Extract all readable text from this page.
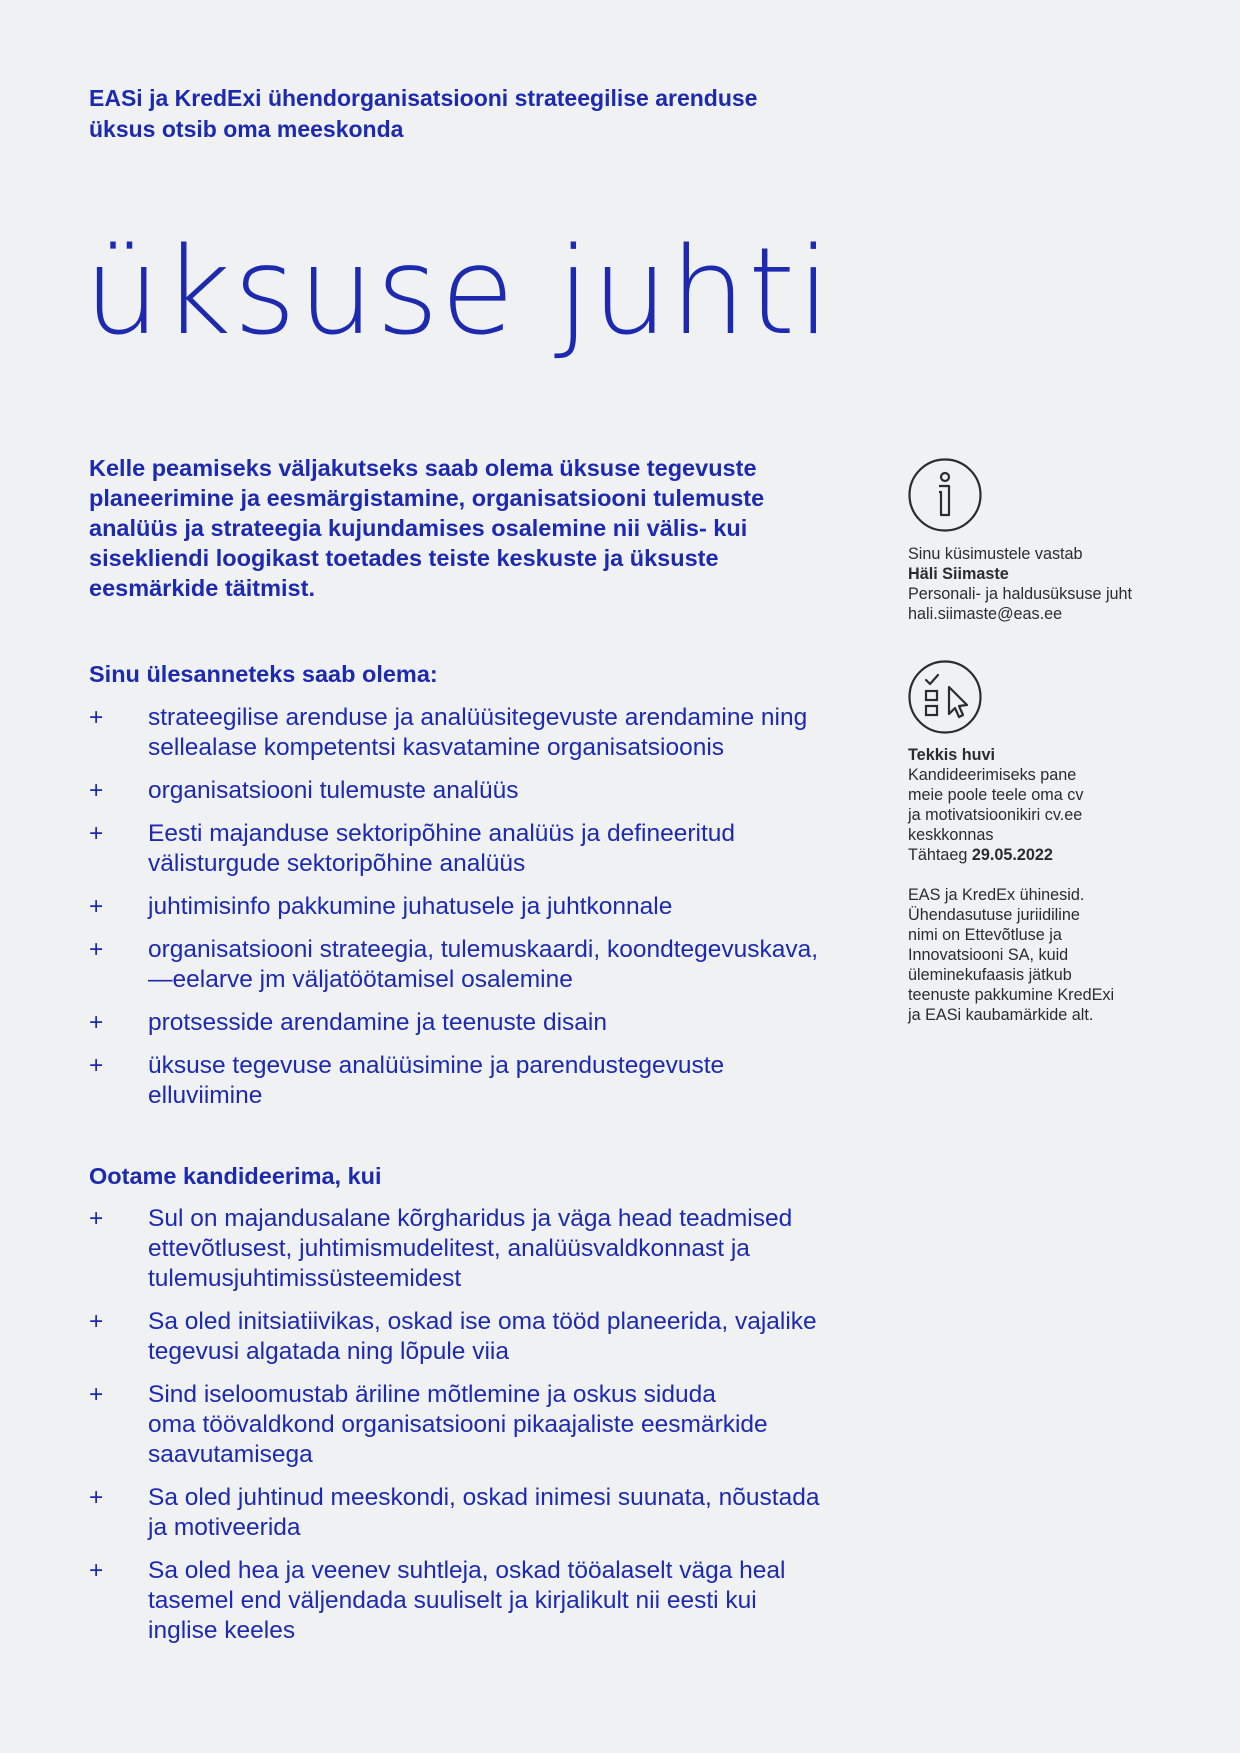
EASi ja KredExi ühendorganisatsiooni strateegilise arenduse
üksus otsib oma meeskonda

üksuse juhti

Kelle peamiseks väljakutseks saab olema üksuse tegevuste
planeerimine ja eesmärgistamine, organisatsiooni tulemuste
analüüs ja strateegia kujundamises osalemine nii välis- kui
sisekliendi loogikast toetades teiste keskuste ja üksuste
eesmärkide täitmist.

Sinu ülesanneteks saab olema:
+ strateegilise arenduse ja analüüsitegevuste arendamine ning
sellealase kompetentsi kasvatamine organisatsioonis
+ organisatsiooni tulemuste analüüs
+ Eesti majanduse sektoripõhine analüüs ja defineeritud
välisturgude sektoripõhine analüüs
+ juhtimisinfo pakkumine juhatusele ja juhtkonnale
+ organisatsiooni strateegia, tulemuskaardi, koondtegevuskava,
—eelarve jm väljatöötamisel osalemine
+ protsesside arendamine ja teenuste disain
+ üksuse tegevuse analüüsimine ja parendustegevuste
elluviimine
Ootame kandideerima, kui
+ Sul on majandusalane kõrgharidus ja väga head teadmised
ettevõtlusest, juhtimismudelitest, analüüsvaldkonnast ja
tulemusjuhtimissüsteemidest
+ Sa oled initsiatiivikas, oskad ise oma tööd planeerida, vajalike
tegevusi algatada ning lõpule viia
+ Sind iseloomustab äriline mõtlemine ja oskus siduda
oma töövaldkond organisatsiooni pikaajaliste eesmärkide
saavutamisega
+ Sa oled juhtinud meeskondi, oskad inimesi suunata, nõustada
ja motiveerida
+ Sa oled hea ja veenev suhtleja, oskad tööalaselt väga heal
tasemel end väljendada suuliselt ja kirjalikult nii eesti kui
inglise keeles

Sinu küsimustele vastab

Häli Siimaste

Personali- ja haldusüksuse juht

hali.siimaste@eas.ee

Tekkis huvi

Kandideerimiseks pane

meie poole teele oma cv

ja motivatsioonikiri cv.ee

keskkonnas

Tähtaeg 29.05.2022

EAS ja KredEx ühinesid.

Ühendasutuse juriidiline

nimi on Ettevõtluse ja

Innovatsiooni SA, kuid

üleminekufaasis jätkub

teenuste pakkumine KredExi

ja EASi kaubamärkide alt.
